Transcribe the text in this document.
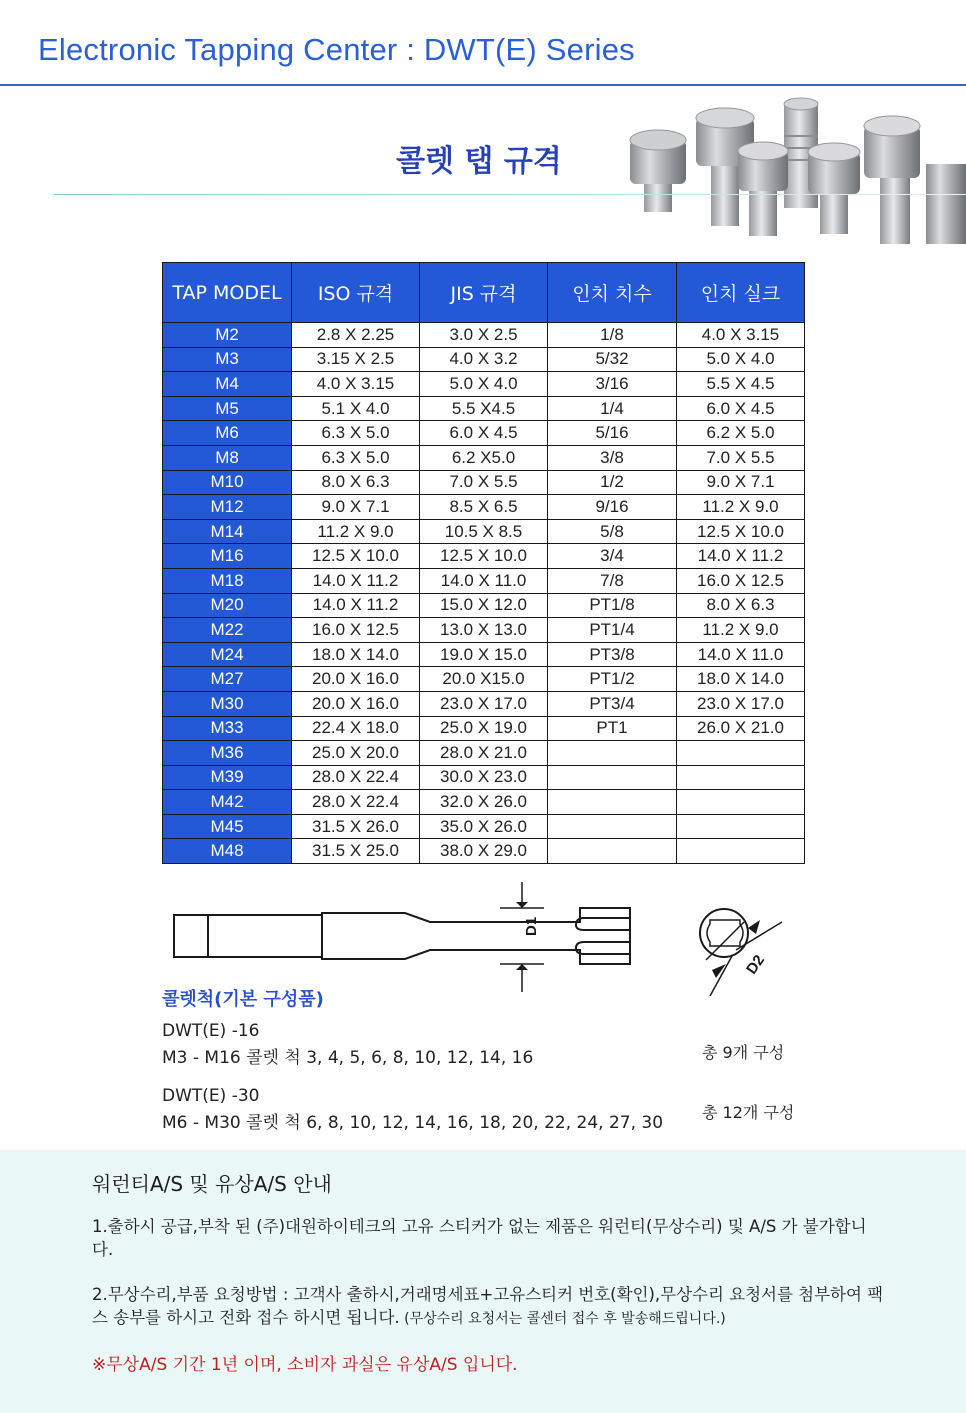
Electronic Tapping Center : DWT(E) Series
콜렛 탭 규격
TAP MODEL	ISO 규격	JIS 규격	인치 치수	인치 실크
M2	2.8 X 2.25	3.0 X 2.5	1/8	4.0 X 3.15
M3	3.15 X 2.5	4.0 X 3.2	5/32	5.0 X 4.0
M4	4.0 X 3.15	5.0 X 4.0	3/16	5.5 X 4.5
M5	5.1 X 4.0	5.5 X4.5	1/4	6.0 X 4.5
M6	6.3 X 5.0	6.0 X 4.5	5/16	6.2 X 5.0
M8	6.3 X 5.0	6.2 X5.0	3/8	7.0 X 5.5
M10	8.0 X 6.3	7.0 X 5.5	1/2	9.0 X 7.1
M12	9.0 X 7.1	8.5 X 6.5	9/16	11.2 X 9.0
M14	11.2 X 9.0	10.5 X 8.5	5/8	12.5 X 10.0
M16	12.5 X 10.0	12.5 X 10.0	3/4	14.0 X 11.2
M18	14.0 X 11.2	14.0 X 11.0	7/8	16.0 X 12.5
M20	14.0 X 11.2	15.0 X 12.0	PT1/8	8.0 X 6.3
M22	16.0 X 12.5	13.0 X 13.0	PT1/4	11.2 X 9.0
M24	18.0 X 14.0	19.0 X 15.0	PT3/8	14.0 X 11.0
M27	20.0 X 16.0	20.0 X15.0	PT1/2	18.0 X 14.0
M30	20.0 X 16.0	23.0 X 17.0	PT3/4	23.0 X 17.0
M33	22.4 X 18.0	25.0 X 19.0	PT1	26.0 X 21.0
M36	25.0 X 20.0	28.0 X 21.0		
M39	28.0 X 22.4	30.0 X 23.0		
M42	28.0 X 22.4	32.0 X 26.0		
M45	31.5 X 26.0	35.0 X 26.0		
M48	31.5 X 25.0	38.0 X 29.0		
D1
D2
콜렛척(기본 구성품)
DWT(E) -16
M3 - M16 콜렛 척 3, 4, 5, 6, 8, 10, 12, 14, 16	총 9개 구성
DWT(E) -30
M6 - M30 콜렛 척 6, 8, 10, 12, 14, 16, 18, 20, 22, 24, 27, 30
총 12개 구성
워런티A/S 및 유상A/S 안내
1.출하시 공급,부착 된 (주)대원하이테크의 고유 스티커가 없는 제품은 워런티(무상수리) 및 A/S 가 불가합니다.
2.무상수리,부품 요청방법 : 고객사 출하시,거래명세표+고유스티커 번호(확인),무상수리 요청서를 첨부하여 팩스 송부를 하시고 전화 접수 하시면 됩니다. (무상수리 요청서는 콜센터 접수 후 발송해드립니다.)
※무상A/S 기간 1년 이며, 소비자 과실은 유상A/S 입니다.
